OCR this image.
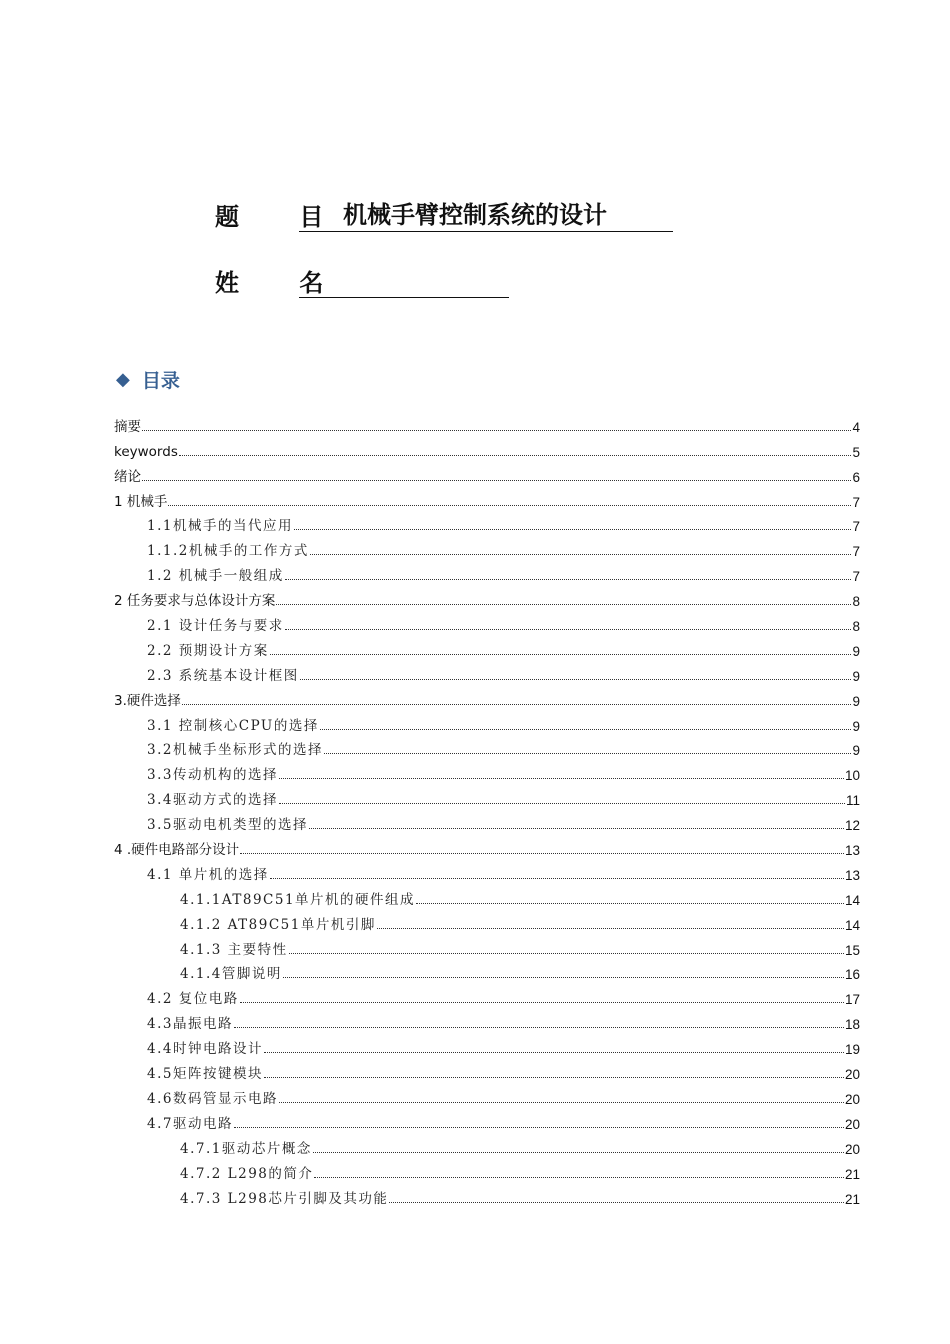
题 目
机械手臂控制系统的设计
姓 名
◆ 目录
摘要	4
keywords	5
绪论	6
1 机械手	7
1.1机械手的当代应用	7
1.1.2机械手的工作方式	7
1.2 机械手一般组成	7
2 任务要求与总体设计方案	8
2.1 设计任务与要求	8
2.2 预期设计方案	9
2.3 系统基本设计框图	9
3.硬件选择	9
3.1 控制核心CPU的选择	9
3.2机械手坐标形式的选择	9
3.3传动机构的选择	10
3.4驱动方式的选择	11
3.5驱动电机类型的选择	12
4 .硬件电路部分设计	13
4.1 单片机的选择	13
4.1.1AT89C51单片机的硬件组成	14
4.1.2 AT89C51单片机引脚	14
4.1.3 主要特性	15
4.1.4管脚说明	16
4.2 复位电路	17
4.3晶振电路	18
4.4时钟电路设计	19
4.5矩阵按键模块	20
4.6数码管显示电路	20
4.7驱动电路	20
4.7.1驱动芯片概念	20
4.7.2 L298的简介	21
4.7.3 L298芯片引脚及其功能	21
